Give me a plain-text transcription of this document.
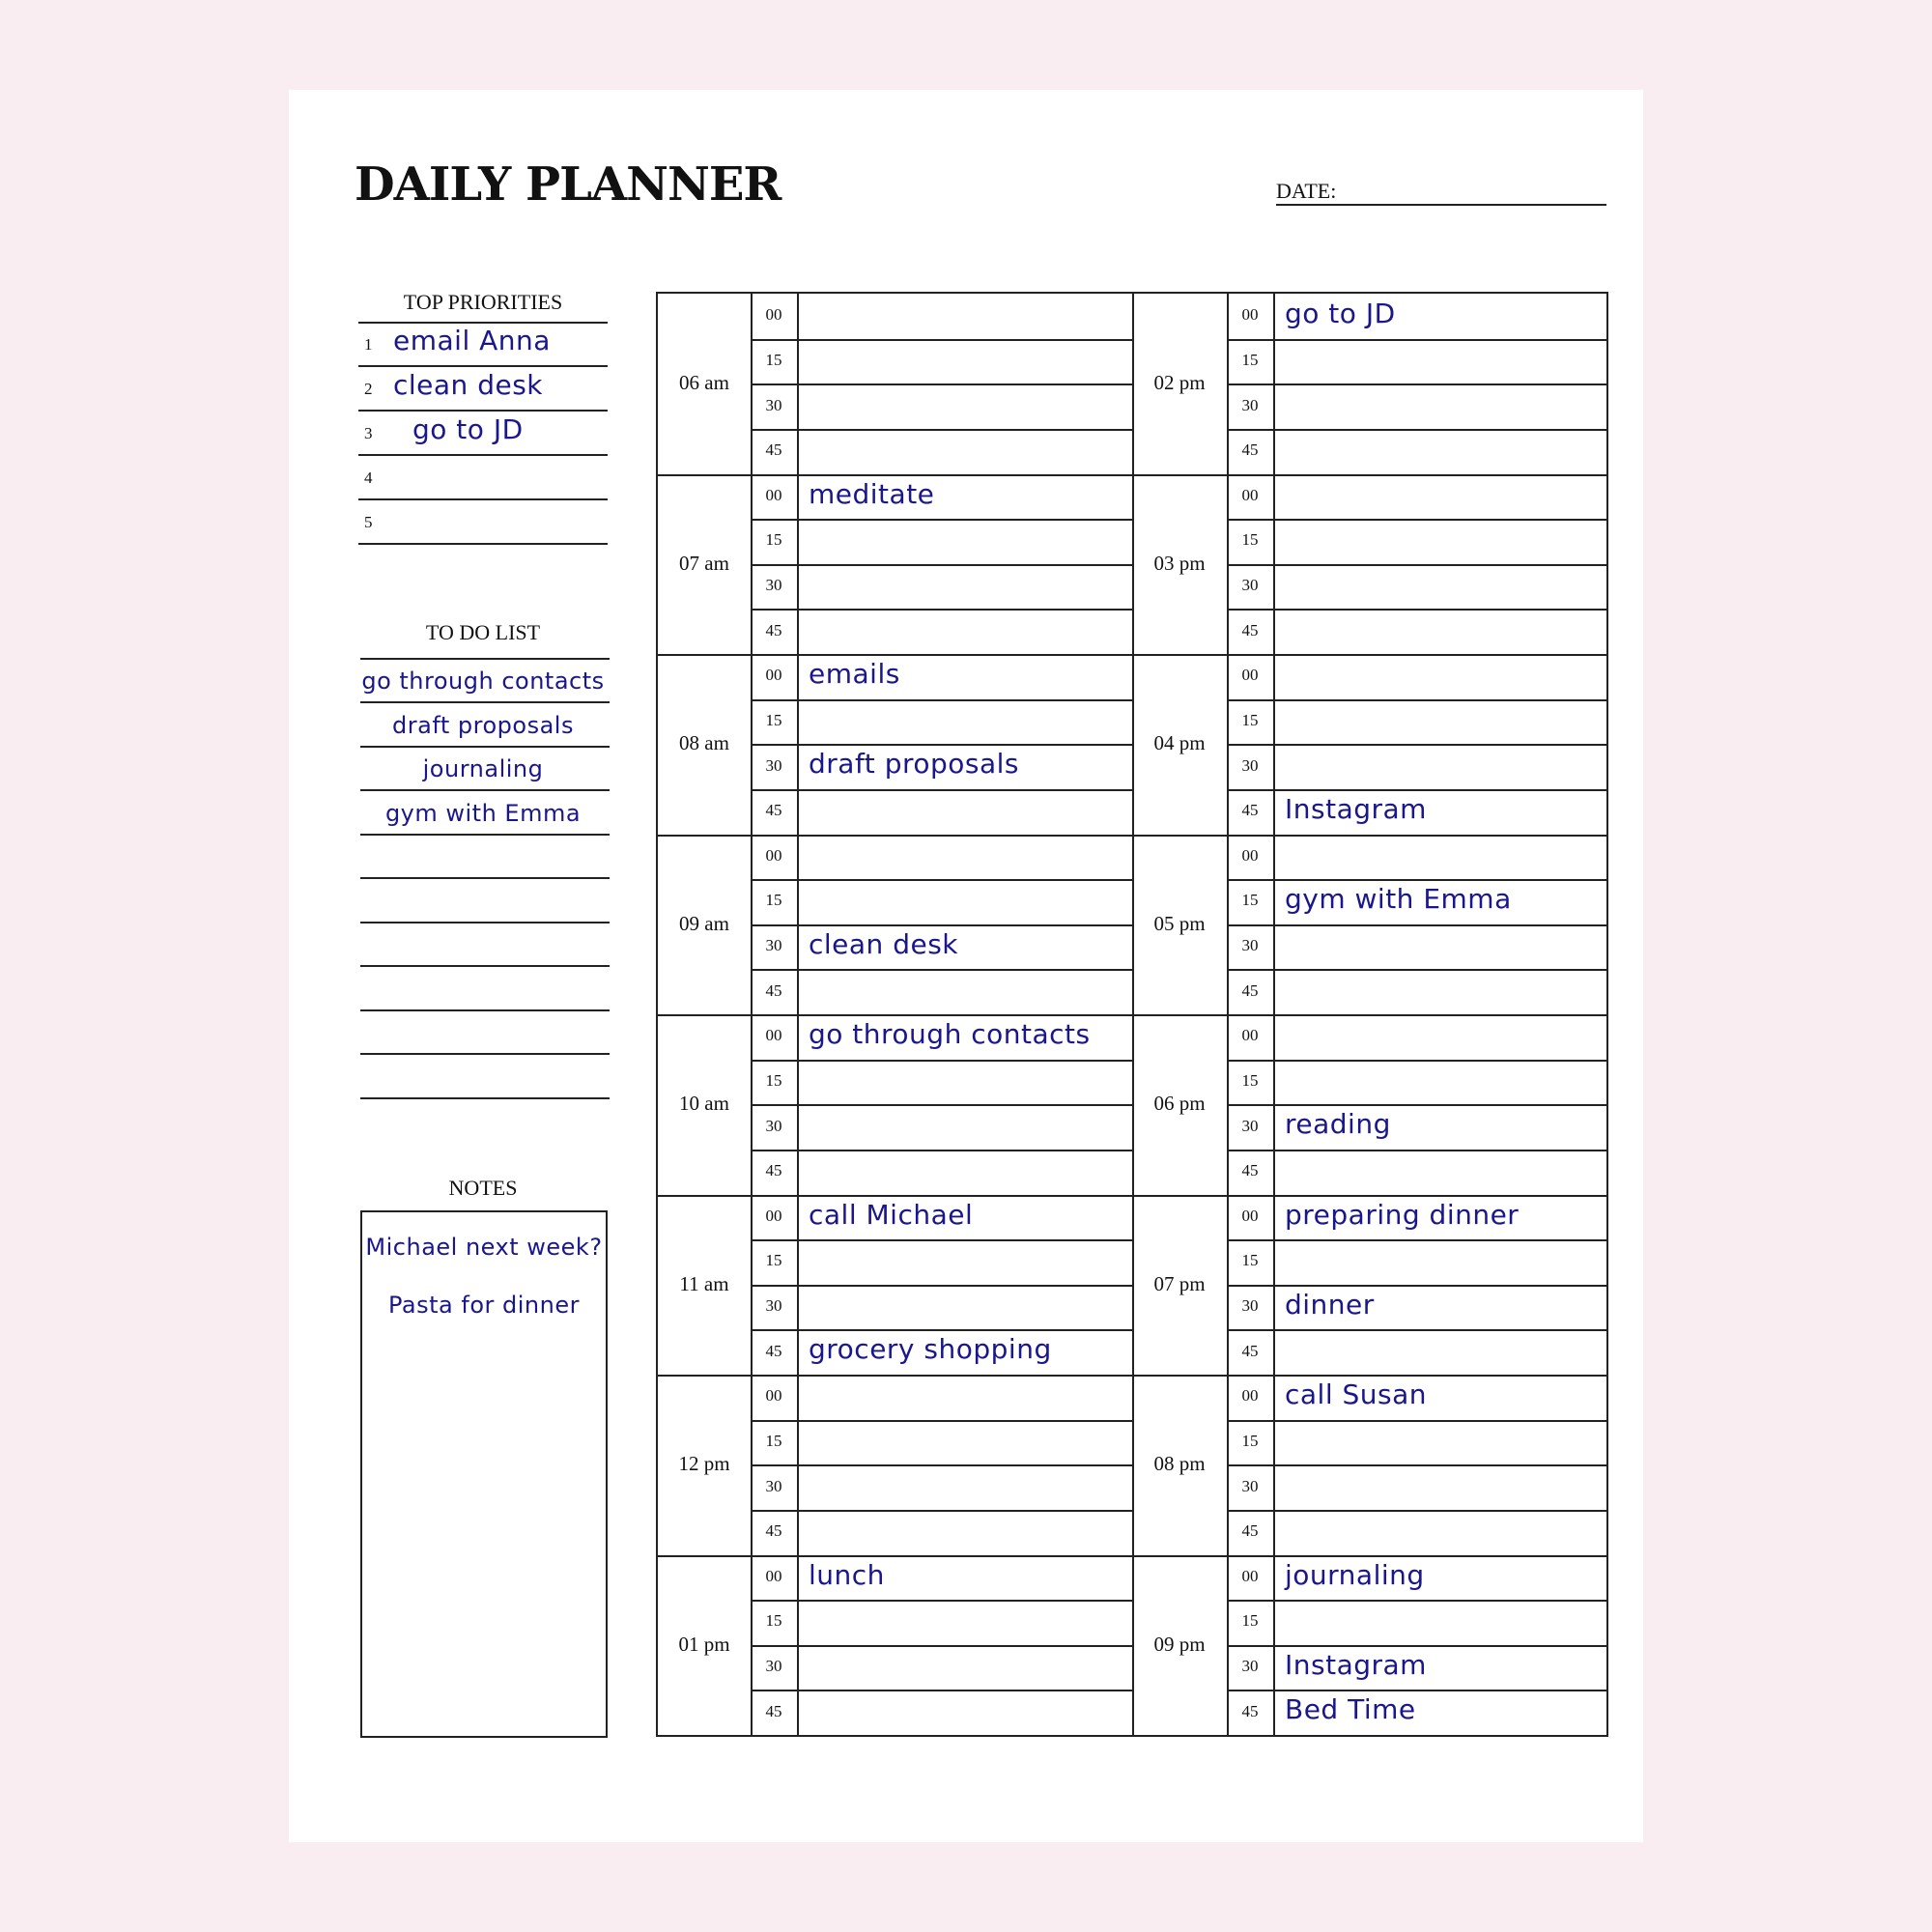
DAILY PLANNER	DATE:
TOP PRIORITIES
1 email Anna
2 clean desk
3 go to JD
4
5
TO DO LIST
go through contacts
draft proposals
journaling
gym with Emma
NOTES
Michael next week?
Pasta for dinner
06 am
00
15
30
45
07 am
00
15
30
45
08 am
00
15
30
45
09 am
00
15
30
45
10 am
00
15
30
45
11 am
00
15
30
45
12 pm
00
15
30
45
01 pm
00
15
30
45
meditate
emails
draft proposals
clean desk
go through contacts
call Michael
grocery shopping
lunch
02 pm
00
15
30
45
03 pm
00
15
30
45
04 pm
00
15
30
45
05 pm
00
15
30
45
06 pm
00
15
30
45
07 pm
00
15
30
45
08 pm
00
15
30
45
09 pm
00
15
30
45
go to JD
Instagram
gym with Emma
reading
preparing dinner
dinner
call Susan
journaling
Instagram
Bed Time
